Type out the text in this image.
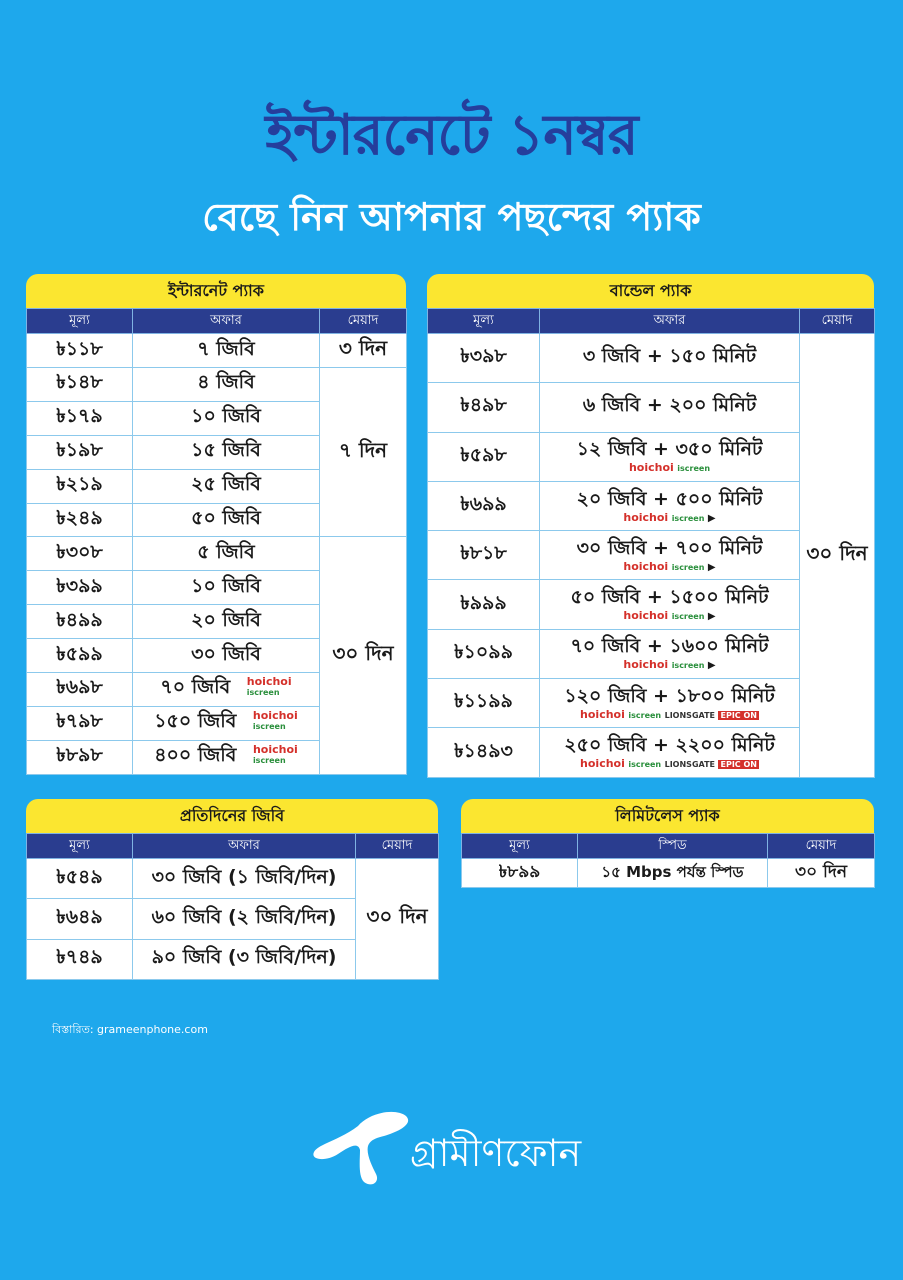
ইন্টারনেটে ১নম্বর
বেছে নিন আপনার পছন্দের প্যাক
ইন্টারনেট প্যাক
মূল্য	অফার	মেয়াদ
৳১১৮	৭ জিবি	৩ দিন
৳১৪৮	৪ জিবি	৭ দিন
৳১৭৯	১০ জিবি	
৳১৯৮	১৫ জিবি	
৳২১৯	২৫ জিবি	
৳২৪৯	৫০ জিবি	
৳৩০৮	৫ জিবি	৩০ দিন
৳৩৯৯	১০ জিবি	
৳৪৯৯	২০ জিবি	
৳৫৯৯	৩০ জিবি	
৳৬৯৮	৭০ জিবি hoichoi
iscreen	
৳৭৯৮	১৫০ জিবি hoichoi
iscreen	
৳৮৯৮	৪০০ জিবি hoichoi
iscreen	
বান্ডেল প্যাক
মূল্য	অফার	মেয়াদ
৳৩৯৮	৩ জিবি + ১৫০ মিনিট	৩০ দিন
৳৪৯৮	৬ জিবি + ২০০ মিনিট	
৳৫৯৮	১২ জিবি + ৩৫০ মিনিট
hoichoi iscreen	

৳৬৯৯	২০ জিবি + ৫০০ মিনিট
hoichoi iscreen ▶	

৳৮১৮	৩০ জিবি + ৭০০ মিনিট
hoichoi iscreen ▶	

৳৯৯৯	৫০ জিবি + ১৫০০ মিনিট
hoichoi iscreen ▶	

৳১০৯৯	৭০ জিবি + ১৬০০ মিনিট
hoichoi iscreen ▶	

৳১১৯৯	১২০ জিবি + ১৮০০ মিনিট
hoichoi iscreen LIONSGATE EPIC ON	

৳১৪৯৩	২৫০ জিবি + ২২০০ মিনিট
hoichoi iscreen LIONSGATE EPIC ON	
প্রতিদিনের জিবি
মূল্য	অফার	মেয়াদ
৳৫৪৯	৩০ জিবি (১ জিবি/দিন)	৩০ দিন
৳৬৪৯	৬০ জিবি (২ জিবি/দিন)	
৳৭৪৯	৯০ জিবি (৩ জিবি/দিন)	
লিমিটলেস প্যাক
মূল্য	স্পিড	মেয়াদ
৳৮৯৯	১৫ Mbps পর্যন্ত স্পিড	৩০ দিন
বিস্তারিত: grameenphone.com
গ্রামীণফোন
